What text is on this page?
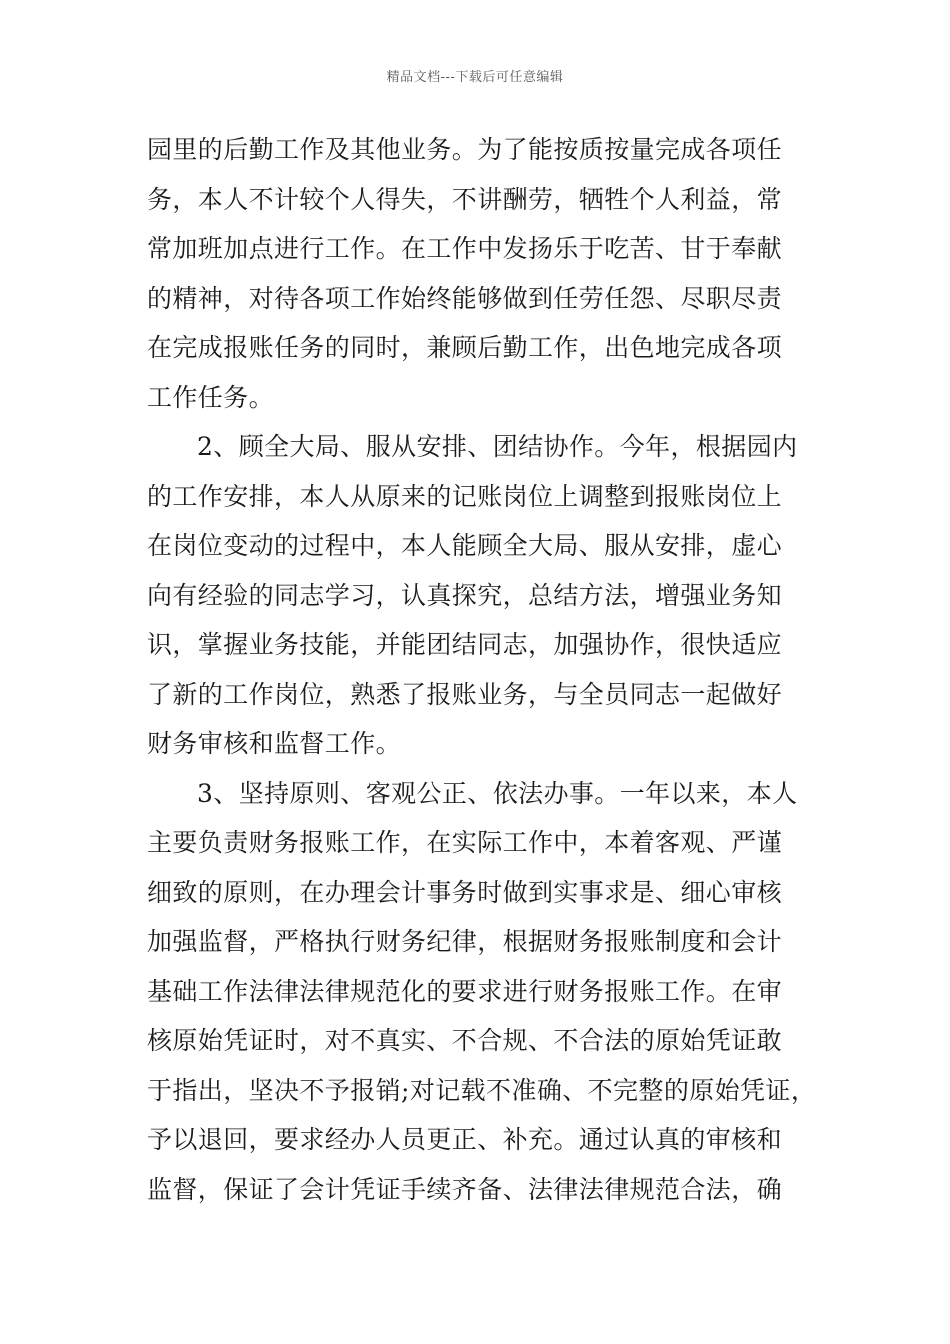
精品文档---下载后可任意编辑
园里的后勤工作及其他业务。为了能按质按量完成各项任
务，本人不计较个人得失，不讲酬劳，牺牲个人利益，常
常加班加点进行工作。在工作中发扬乐于吃苦、甘于奉献
的精神，对待各项工作始终能够做到任劳任怨、尽职尽责
在完成报账任务的同时，兼顾后勤工作，出色地完成各项
工作任务。
2、顾全大局、服从安排、团结协作。今年，根据园内
的工作安排，本人从原来的记账岗位上调整到报账岗位上
在岗位变动的过程中，本人能顾全大局、服从安排，虚心
向有经验的同志学习，认真探究，总结方法，增强业务知
识，掌握业务技能，并能团结同志，加强协作，很快适应
了新的工作岗位，熟悉了报账业务，与全员同志一起做好
财务审核和监督工作。
3、坚持原则、客观公正、依法办事。一年以来，本人
主要负责财务报账工作，在实际工作中，本着客观、严谨
细致的原则，在办理会计事务时做到实事求是、细心审核
加强监督，严格执行财务纪律，根据财务报账制度和会计
基础工作法律法律规范化的要求进行财务报账工作。在审
核原始凭证时，对不真实、不合规、不合法的原始凭证敢
于指出，坚决不予报销;对记载不准确、不完整的原始凭证，
予以退回，要求经办人员更正、补充。通过认真的审核和
监督，保证了会计凭证手续齐备、法律法律规范合法，确
